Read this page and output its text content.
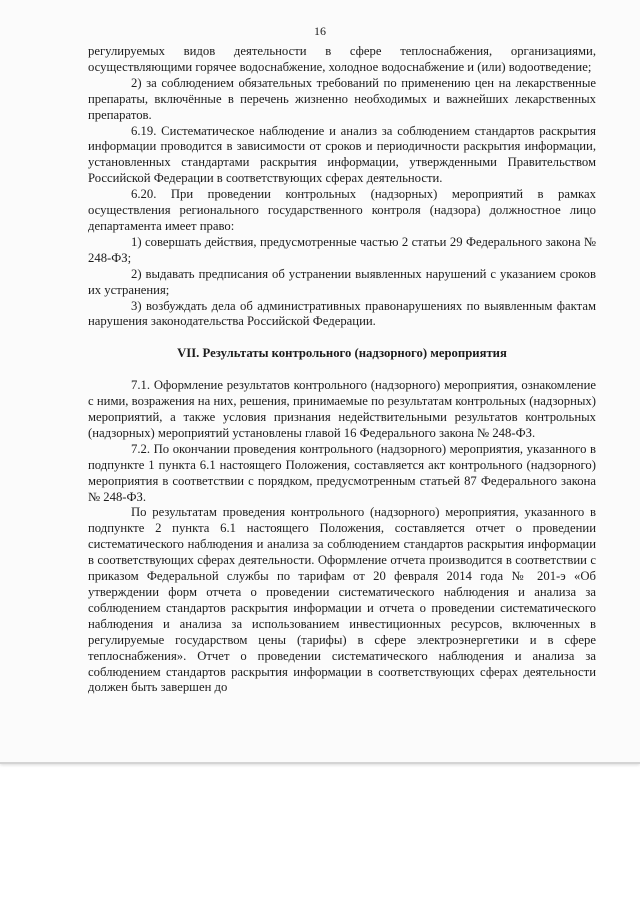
16

регулируемых видов деятельности в сфере теплоснабжения, организациями, осуществляющими горячее водоснабжение, холодное водоснабжение и (или) водоотведение;

2) за соблюдением обязательных требований по применению цен на лекарственные препараты, включённые в перечень жизненно необходимых и важнейших лекарственных препаратов.

6.19. Систематическое наблюдение и анализ за соблюдением стандартов раскрытия информации проводится в зависимости от сроков и периодичности раскрытия информации, установленных стандартами раскрытия информации, утвержденными Правительством Российской Федерации в соответствующих сферах деятельности.

6.20. При проведении контрольных (надзорных) мероприятий в рамках осуществления регионального государственного контроля (надзора) должностное лицо департамента имеет право:

1) совершать действия, предусмотренные частью 2 статьи 29 Федерального закона № 248-ФЗ;

2) выдавать предписания об устранении выявленных нарушений с указанием сроков их устранения;

3) возбуждать дела об административных правонарушениях по выявленным фактам нарушения законодательства Российской Федерации.

VII. Результаты контрольного (надзорного) мероприятия

7.1. Оформление результатов контрольного (надзорного) мероприятия, ознакомление с ними, возражения на них, решения, принимаемые по результатам контрольных (надзорных) мероприятий, а также условия признания недействительными результатов контрольных (надзорных) мероприятий установлены главой 16 Федерального закона № 248-ФЗ.

7.2. По окончании проведения контрольного (надзорного) мероприятия, указанного в подпункте 1 пункта 6.1 настоящего Положения, составляется акт контрольного (надзорного) мероприятия в соответствии с порядком, предусмотренным статьей 87 Федерального закона № 248-ФЗ.

По результатам проведения контрольного (надзорного) мероприятия, указанного в подпункте 2 пункта 6.1 настоящего Положения, составляется отчет о проведении систематического наблюдения и анализа за соблюдением стандартов раскрытия информации в соответствующих сферах деятельности. Оформление отчета производится в соответствии с приказом Федеральной службы по тарифам от 20 февраля 2014 года № 201-э «Об утверждении форм отчета о проведении систематического наблюдения и анализа за соблюдением стандартов раскрытия информации и отчета о проведении систематического наблюдения и анализа за использованием инвестиционных ресурсов, включенных в регулируемые государством цены (тарифы) в сфере электроэнергетики и в сфере теплоснабжения». Отчет о проведении систематического наблюдения и анализа за соблюдением стандартов раскрытия информации в соответствующих сферах деятельности должен быть завершен до
